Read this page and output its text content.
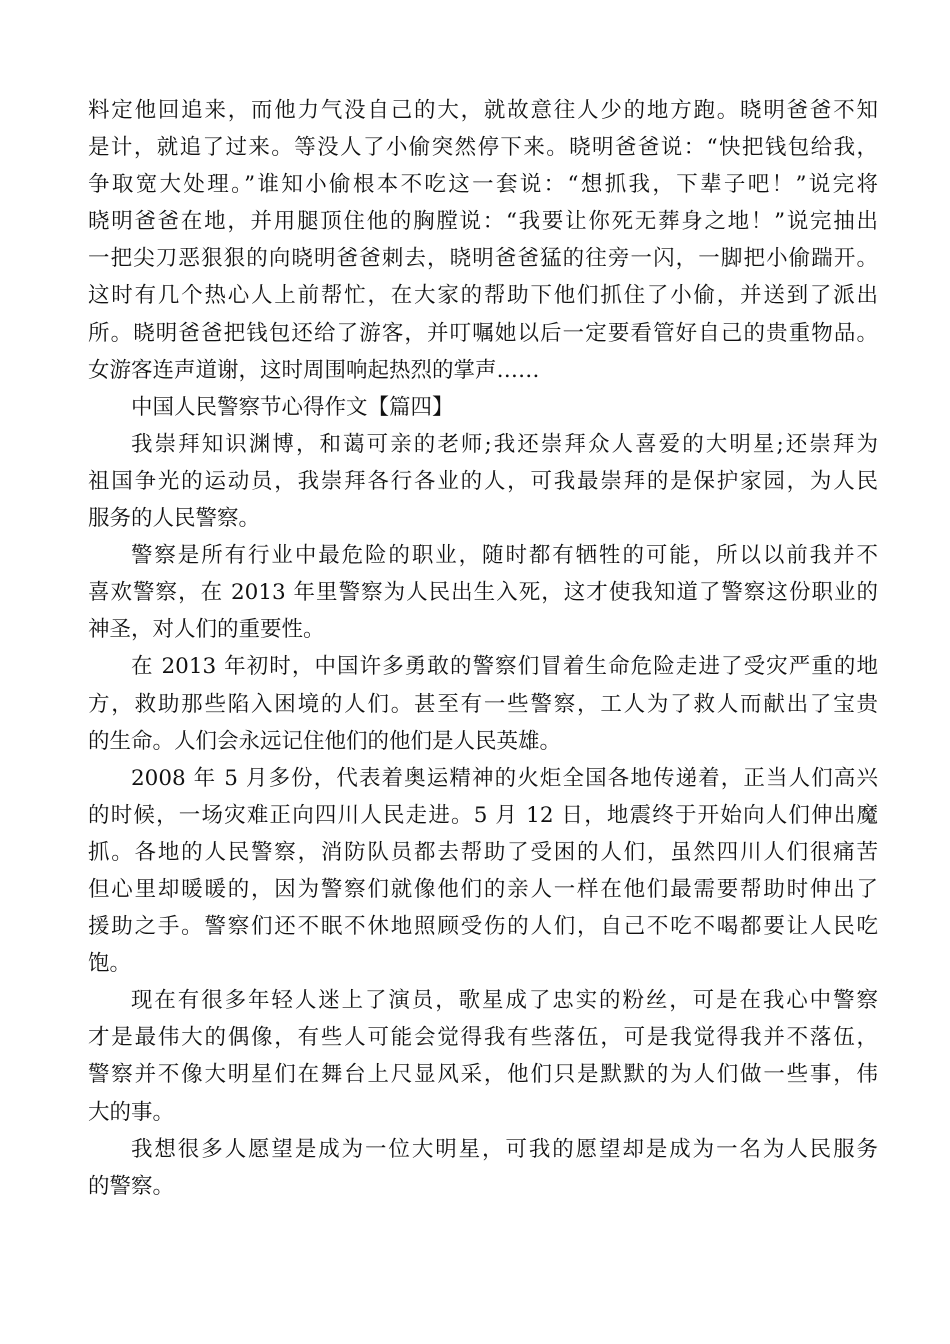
料定他回追来，而他力气没自己的大，就故意往人少的地方跑。晓明爸爸不知
是计，就追了过来。等没人了小偷突然停下来。晓明爸爸说：“快把钱包给我，
争取宽大处理。”谁知小偷根本不吃这一套说：“想抓我，下辈子吧！”说完将
晓明爸爸在地，并用腿顶住他的胸膛说：“我要让你死无葬身之地！”说完抽出
一把尖刀恶狠狠的向晓明爸爸刺去，晓明爸爸猛的往旁一闪，一脚把小偷踹开。
这时有几个热心人上前帮忙，在大家的帮助下他们抓住了小偷，并送到了派出
所。晓明爸爸把钱包还给了游客，并叮嘱她以后一定要看管好自己的贵重物品。
女游客连声道谢，这时周围响起热烈的掌声……

中国人民警察节心得作文【篇四】

我崇拜知识渊博，和蔼可亲的老师;我还崇拜众人喜爱的大明星;还崇拜为
祖国争光的运动员，我崇拜各行各业的人，可我最崇拜的是保护家园，为人民
服务的人民警察。

警察是所有行业中最危险的职业，随时都有牺牲的可能，所以以前我并不
喜欢警察，在 2013 年里警察为人民出生入死，这才使我知道了警察这份职业的
神圣，对人们的重要性。

在 2013 年初时，中国许多勇敢的警察们冒着生命危险走进了受灾严重的地
方，救助那些陷入困境的人们。甚至有一些警察，工人为了救人而献出了宝贵
的生命。人们会永远记住他们的他们是人民英雄。

2008 年 5 月多份，代表着奥运精神的火炬全国各地传递着，正当人们高兴
的时候，一场灾难正向四川人民走进。5 月 12 日，地震终于开始向人们伸出魔
抓。各地的人民警察，消防队员都去帮助了受困的人们，虽然四川人们很痛苦
但心里却暖暖的，因为警察们就像他们的亲人一样在他们最需要帮助时伸出了
援助之手。警察们还不眠不休地照顾受伤的人们，自己不吃不喝都要让人民吃
饱。

现在有很多年轻人迷上了演员，歌星成了忠实的粉丝，可是在我心中警察
才是最伟大的偶像，有些人可能会觉得我有些落伍，可是我觉得我并不落伍，
警察并不像大明星们在舞台上尺显风采，他们只是默默的为人们做一些事，伟
大的事。

我想很多人愿望是成为一位大明星，可我的愿望却是成为一名为人民服务
的警察。
